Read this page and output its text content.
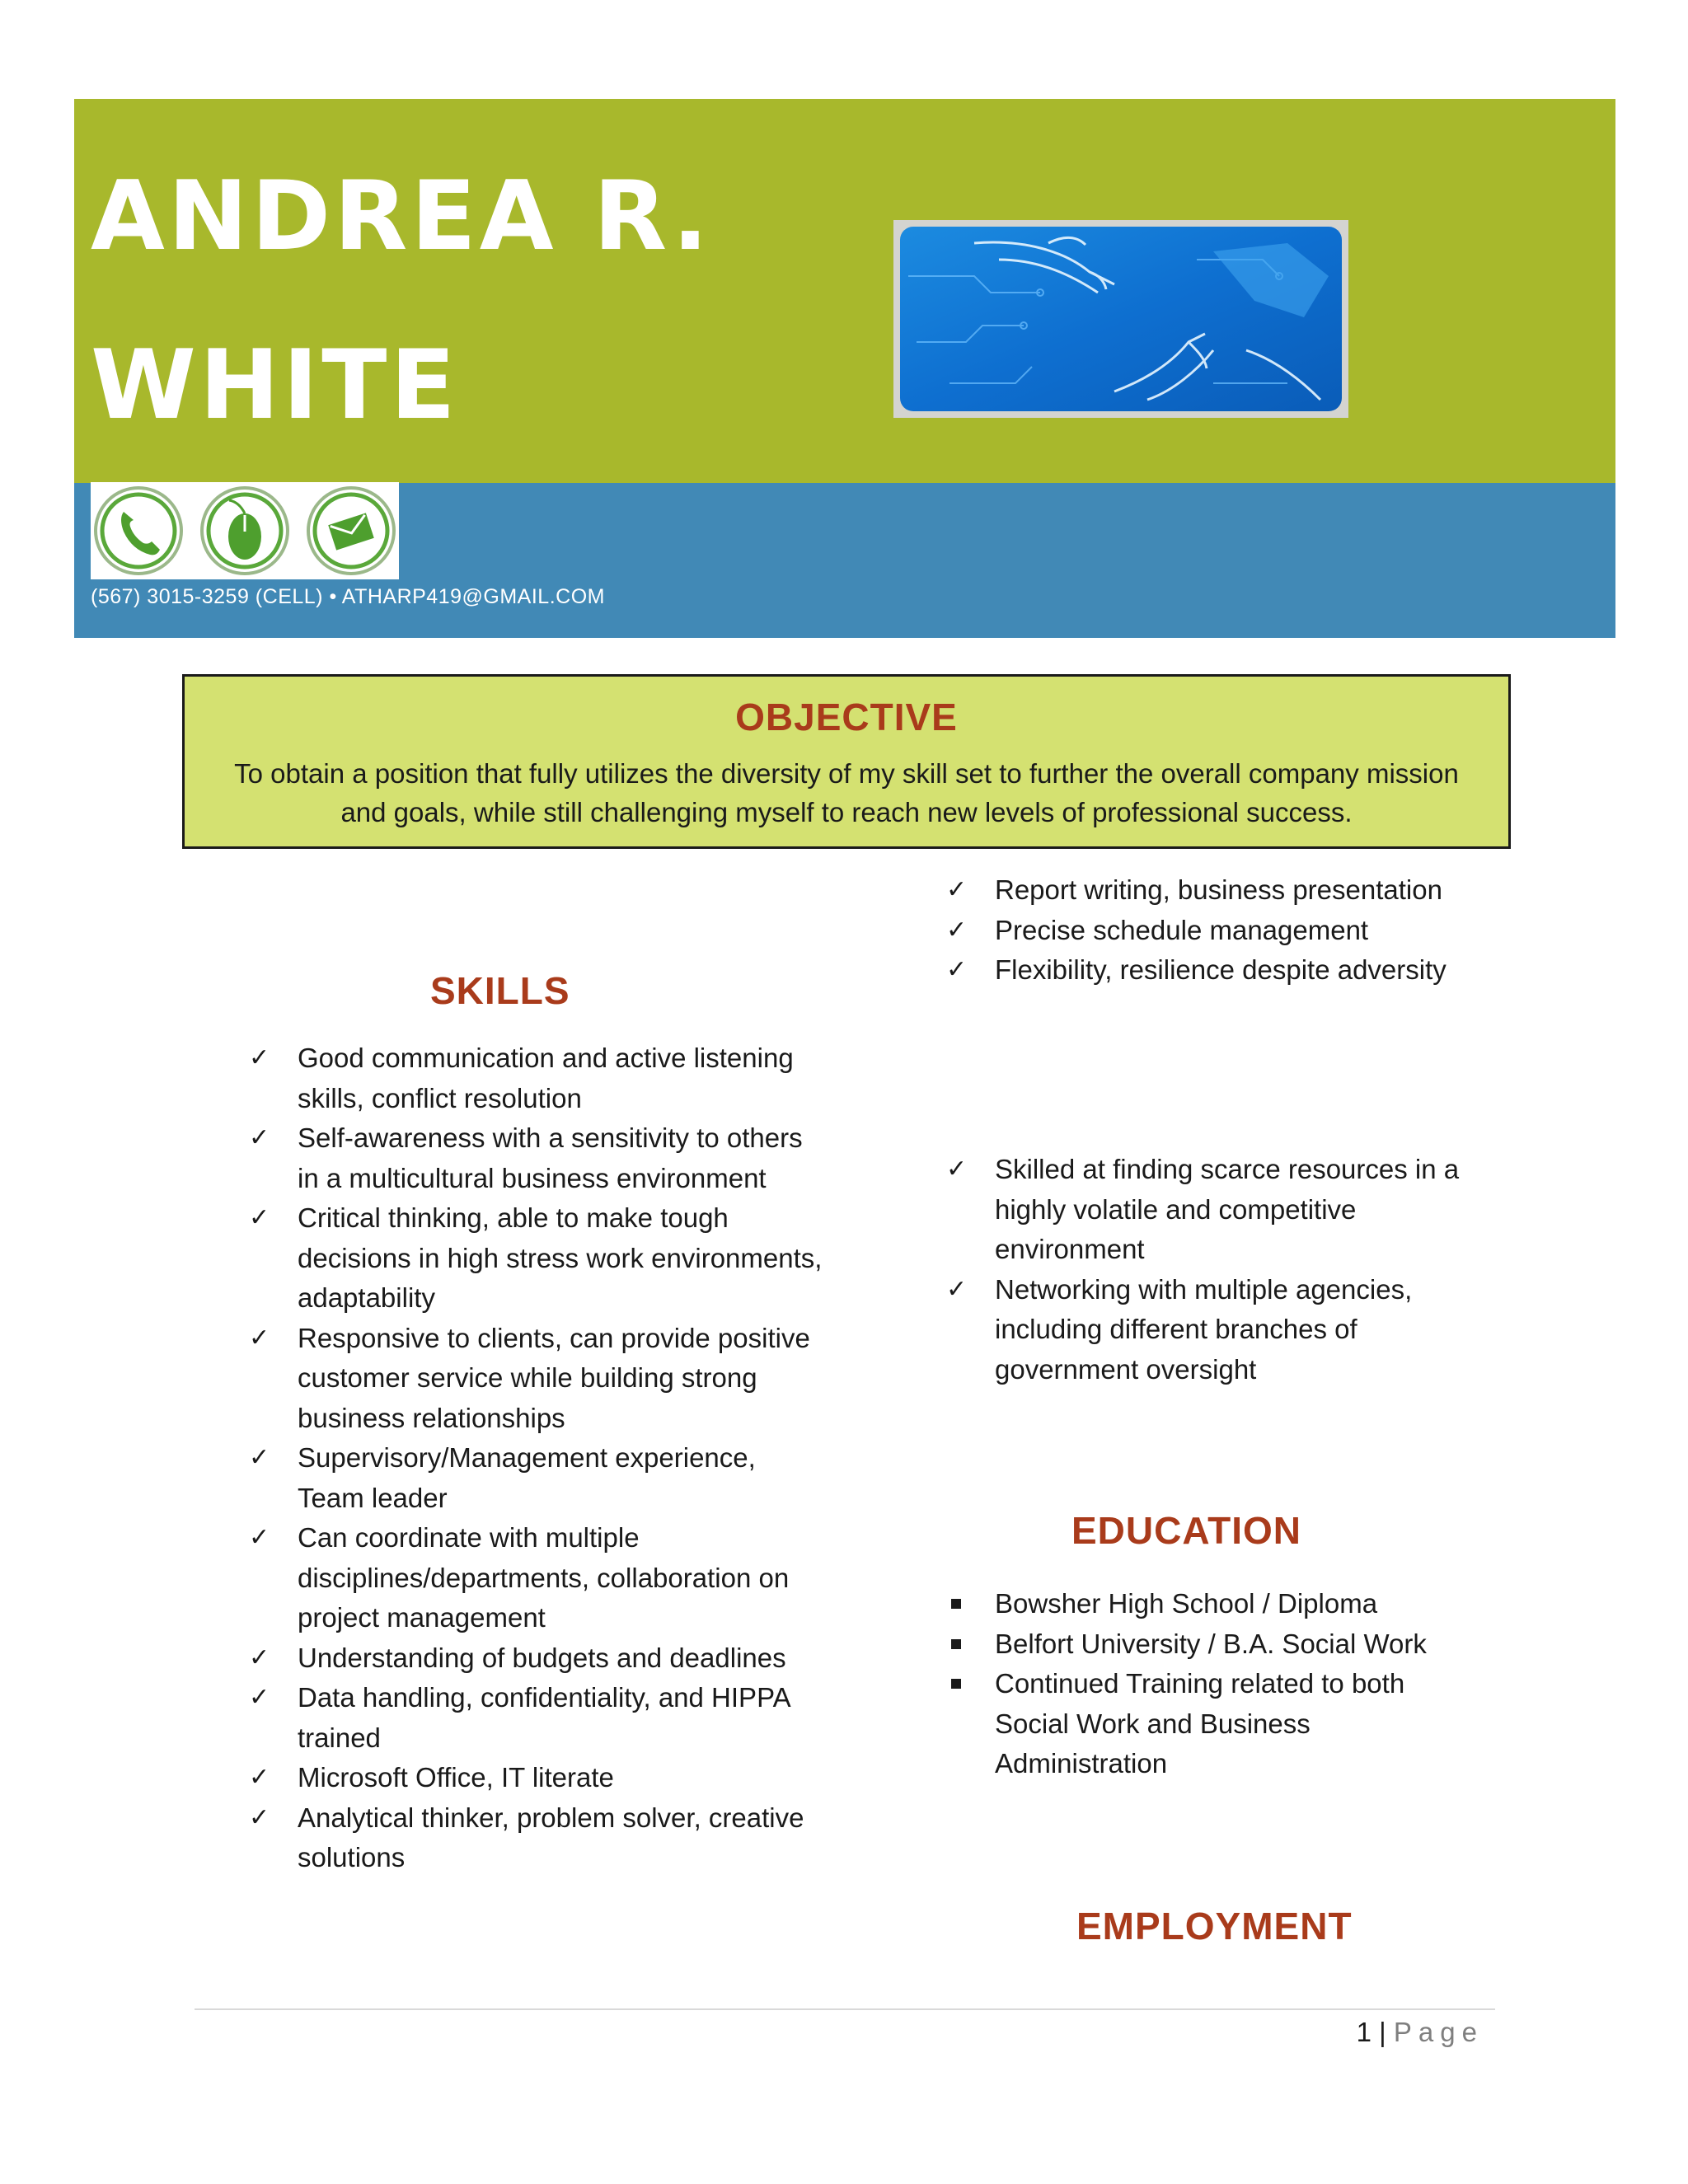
ANDREA R.
WHITE
(567) 3015-3259 (CELL) • ATHARP419@GMAIL.COM
OBJECTIVE
To obtain a position that fully utilizes the diversity of my skill set to further the overall company mission and goals, while still challenging myself to reach new levels of professional success.
SKILLS
✓ Good communication and active listening skills, conflict resolution
✓ Self-awareness with a sensitivity to others in a multicultural business environment
✓ Critical thinking, able to make tough decisions in high stress work environments, adaptability
✓ Responsive to clients, can provide positive customer service while building strong business relationships
✓ Supervisory/Management experience, Team leader
✓ Can coordinate with multiple disciplines/departments, collaboration on project management
✓ Understanding of budgets and deadlines
✓ Data handling, confidentiality, and HIPPA trained
✓ Microsoft Office, IT literate
✓ Analytical thinker, problem solver, creative solutions
✓ Report writing, business presentation
✓ Precise schedule management
✓ Flexibility, resilience despite adversity
✓ Skilled at finding scarce resources in a highly volatile and competitive environment
✓ Networking with multiple agencies, including different branches of government oversight
EDUCATION
Bowsher High School / Diploma
Belfort University / B.A. Social Work
Continued Training related to both Social Work and Business Administration
EMPLOYMENT
1 | Page
